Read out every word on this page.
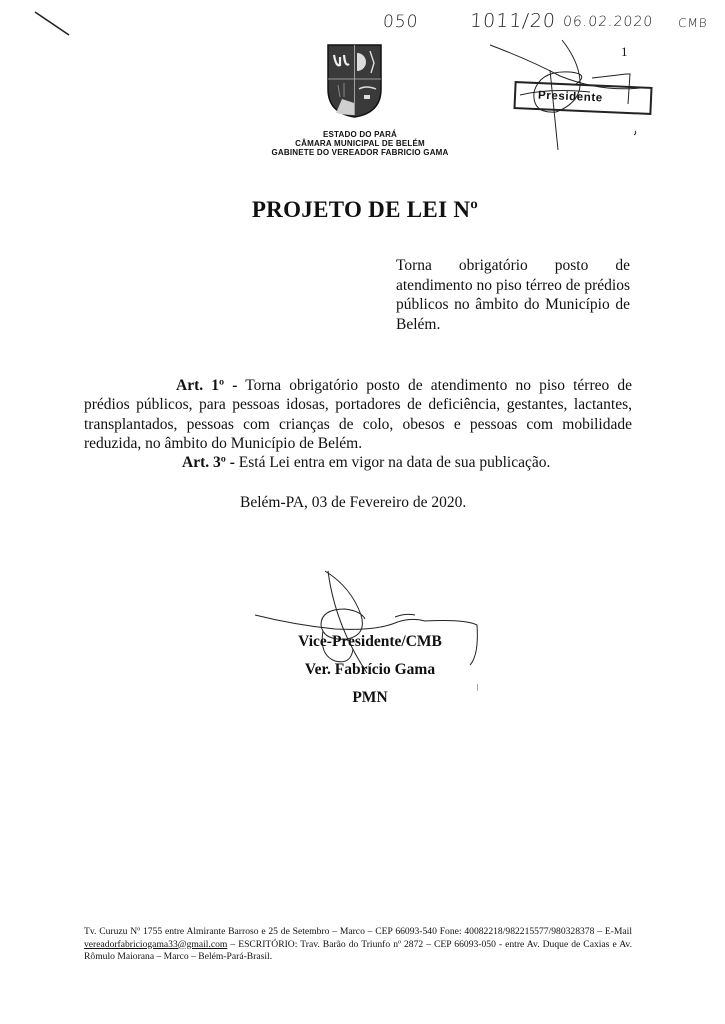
050	1011/20 06.02.2020 CMB
1
ESTADO DO PARÁ
CÂMARA MUNICIPAL DE BELÉM
GABINETE DO VEREADOR FABRICIO GAMA
Presidente
PROJETO DE LEI Nº
Torna obrigatório posto de atendimento no piso térreo de prédios públicos no âmbito do Município de Belém.

Art. 1º - Torna obrigatório posto de atendimento no piso térreo de prédios públicos, para pessoas idosas, portadores de deficiência, gestantes, lactantes, transplantados, pessoas com crianças de colo, obesos e pessoas com mobilidade reduzida, no âmbito do Município de Belém.

Art. 3º - Está Lei entra em vigor na data de sua publicação.

Belém-PA, 03 de Fevereiro de 2020.
Vice-Presidente/CMB
Ver. Fabrício Gama
PMN
Tv. Curuzu Nº 1755 entre Almirante Barroso e 25 de Setembro – Marco – CEP 66093-540 Fone: 40082218/982215577/980328378 – E-Mail vereadorfabriciogama33@gmail.com – ESCRITÓRIO: Trav. Barão do Triunfo nº 2872 – CEP 66093-050 - entre Av. Duque de Caxias e Av. Rômulo Maiorana – Marco – Belém-Pará-Brasil.
